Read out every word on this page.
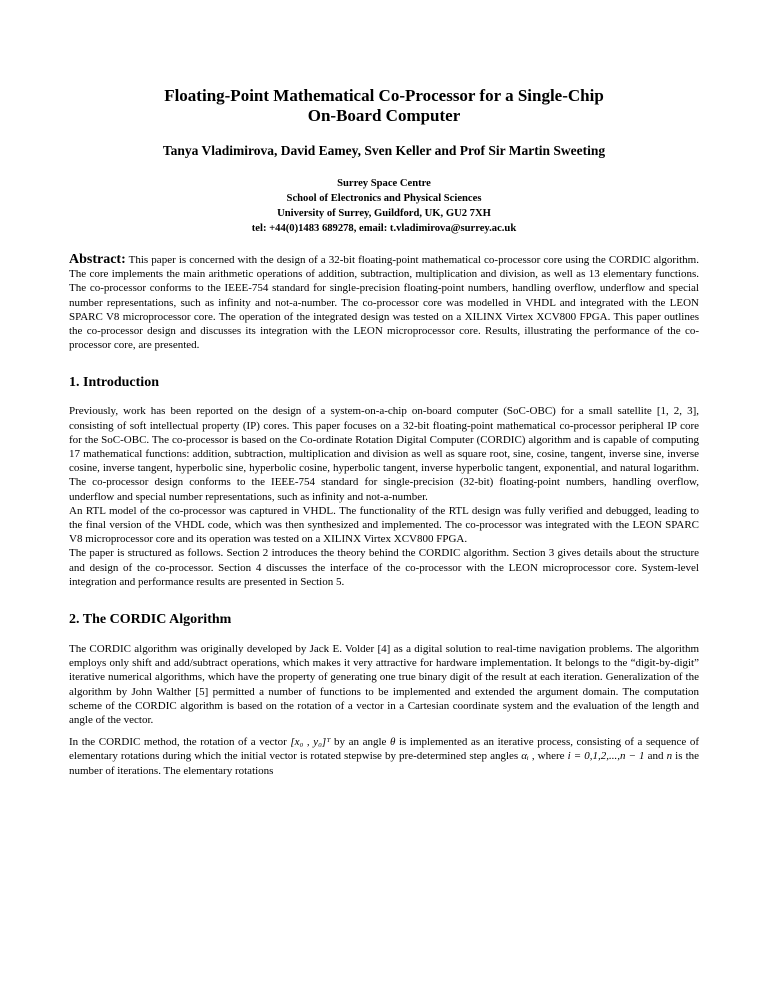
Floating-Point Mathematical Co-Processor for a Single-Chip
On-Board Computer
Tanya Vladimirova, David Eamey, Sven Keller and Prof Sir Martin Sweeting
Surrey Space Centre
School of Electronics and Physical Sciences
University of Surrey, Guildford, UK, GU2 7XH
tel: +44(0)1483 689278, email: t.vladimirova@surrey.ac.uk

Abstract: This paper is concerned with the design of a 32-bit floating-point mathematical co-processor core using the CORDIC algorithm. The core implements the main arithmetic operations of addition, subtraction, multiplication and division, as well as 13 elementary functions. The co-processor conforms to the IEEE-754 standard for single-precision floating-point numbers, handling overflow, underflow and special number representations, such as infinity and not-a-number. The co-processor core was modelled in VHDL and integrated with the LEON SPARC V8 microprocessor core. The operation of the integrated design was tested on a XILINX Virtex XCV800 FPGA. This paper outlines the co-processor design and discusses its integration with the LEON microprocessor core. Results, illustrating the performance of the co-processor core, are presented.

1. Introduction

Previously, work has been reported on the design of a system-on-a-chip on-board computer (SoC-OBC) for a small satellite [1, 2, 3], consisting of soft intellectual property (IP) cores. This paper focuses on a 32-bit floating-point mathematical co-processor peripheral IP core for the SoC-OBC. The co-processor is based on the Co-ordinate Rotation Digital Computer (CORDIC) algorithm and is capable of computing 17 mathematical functions: addition, subtraction, multiplication and division as well as square root, sine, cosine, tangent, inverse sine, inverse cosine, inverse tangent, hyperbolic sine, hyperbolic cosine, hyperbolic tangent, inverse hyperbolic tangent, exponential, and natural logarithm. The co-processor design conforms to the IEEE-754 standard for single-precision (32-bit) floating-point numbers, handling overflow, underflow and special number representations, such as infinity and not-a-number.

An RTL model of the co-processor was captured in VHDL. The functionality of the RTL design was fully verified and debugged, leading to the final version of the VHDL code, which was then synthesized and implemented. The co-processor was integrated with the LEON SPARC V8 microprocessor core and its operation was tested on a XILINX Virtex XCV800 FPGA.

The paper is structured as follows. Section 2 introduces the theory behind the CORDIC algorithm. Section 3 gives details about the structure and design of the co-processor. Section 4 discusses the interface of the co-processor with the LEON microprocessor core. System-level integration and performance results are presented in Section 5.

2. The CORDIC Algorithm

The CORDIC algorithm was originally developed by Jack E. Volder [4] as a digital solution to real-time navigation problems. The algorithm employs only shift and add/subtract operations, which makes it very attractive for hardware implementation. It belongs to the “digit-by-digit” iterative numerical algorithms, which have the property of generating one true binary digit of the result at each iteration. Generalization of the algorithm by John Walther [5] permitted a number of functions to be implemented and extended the argument domain. The computation scheme of the CORDIC algorithm is based on the rotation of a vector in a Cartesian coordinate system and the evaluation of the length and angle of the vector.

In the CORDIC method, the rotation of a vector [x₀ , y₀]ᵀ by an angle θ is implemented as an iterative process, consisting of a sequence of elementary rotations during which the initial vector is rotated stepwise by pre-determined step angles αᵢ , where i = 0,1,2,...,n − 1 and n is the number of iterations. The elementary rotations
